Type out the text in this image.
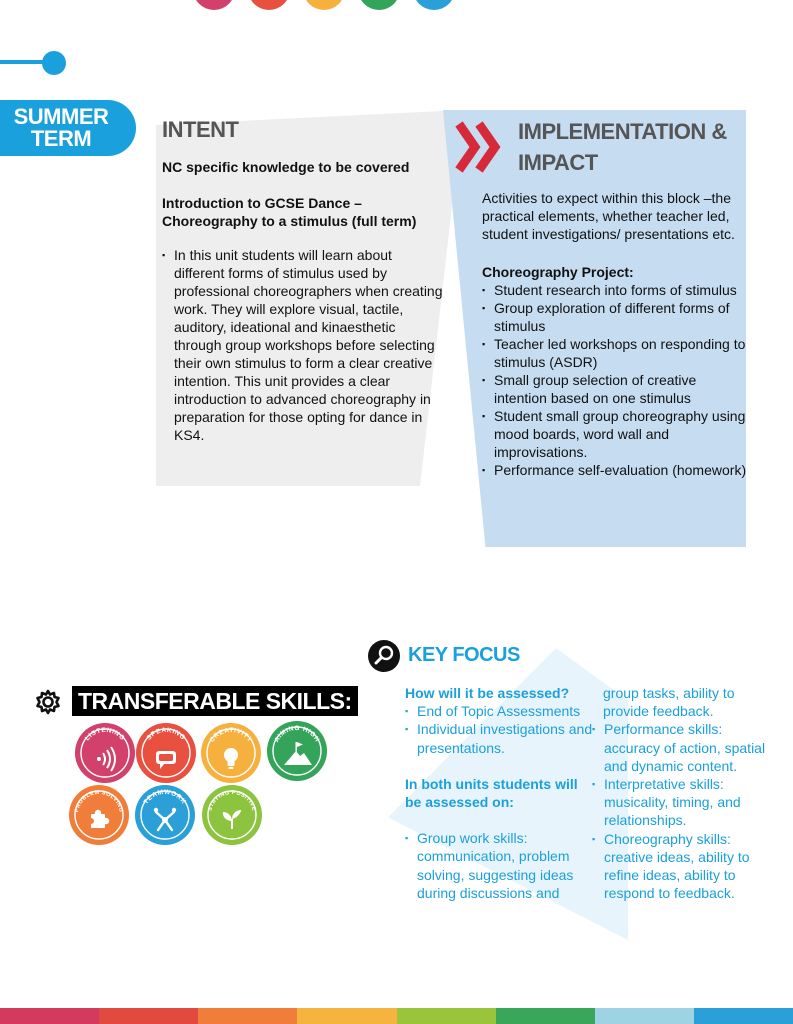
SUMMER
TERM	INTENT
NC specific knowledge to be covered
Introduction to GCSE Dance – Choreography to a stimulus (full term)
▪ In this unit students will learn about different forms of stimulus used by professional choreographers when creating work. They will explore visual, tactile, auditory, ideational and kinaesthetic through group workshops before selecting their own stimulus to form a clear creative intention. This unit provides a clear introduction to advanced choreography in preparation for those opting for dance in KS4.
IMPLEMENTATION & IMPACT
Activities to expect within this block –the practical elements, whether teacher led, student investigations/ presentations etc.
Choreography Project:
▪ Student research into forms of stimulus
▪ Group exploration of different forms of stimulus
▪ Teacher led workshops on responding to stimulus (ASDR)
▪ Small group selection of creative intention based on one stimulus
▪ Student small group choreography using mood boards, word wall and improvisations.
▪ Performance self-evaluation (homework)
KEY FOCUS
How will it be assessed?
▪ End of Topic Assessments
▪ Individual investigations and presentations.
In both units students will be assessed on:
▪ Group work skills: communication, problem solving, suggesting ideas during discussions and
group tasks, ability to provide feedback.
▪ Performance skills: accuracy of action, spatial and dynamic content.
▪ Interpretative skills: musicality, timing, and relationships.
▪ Choreography skills: creative ideas, ability to refine ideas, ability to respond to feedback.
TRANSFERABLE SKILLS:
LISTENING	SPEAKING	CREATIVITY	AIMING HIGH
PROBLEM SOLVING
TEAMWORK
STAYING POSITIVE
